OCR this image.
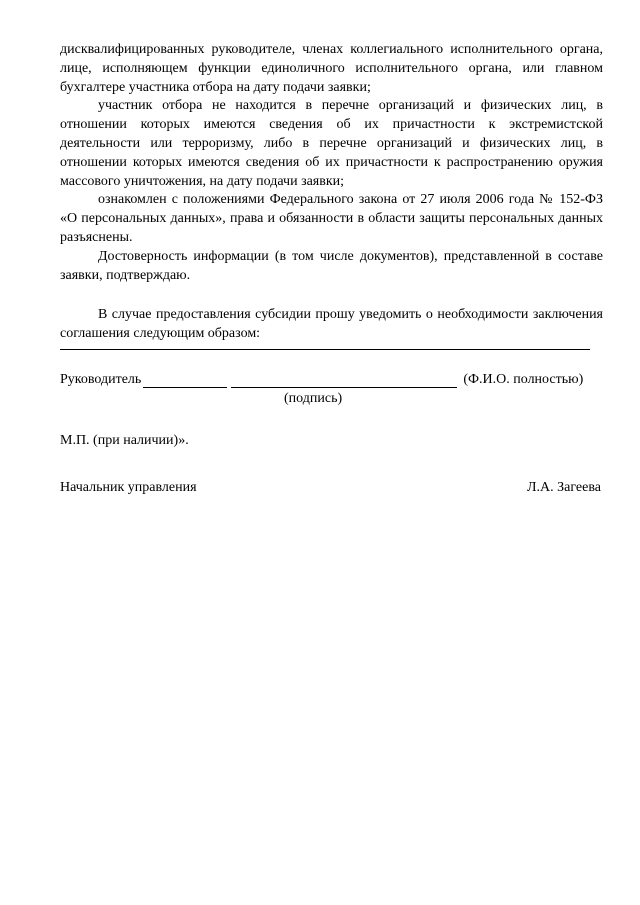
дисквалифицированных руководителе, членах коллегиального исполнительного органа, лице, исполняющем функции единоличного исполнительного органа, или главном бухгалтере участника отбора на дату подачи заявки;

участник отбора не находится в перечне организаций и физических лиц, в отношении которых имеются сведения об их причастности к экстремистской деятельности или терроризму, либо в перечне организаций и физических лиц, в отношении которых имеются сведения об их причастности к распространению оружия массового уничтожения, на дату подачи заявки;

ознакомлен с положениями Федерального закона от 27 июля 2006 года № 152-ФЗ «О персональных данных», права и обязанности в области защиты персональных данных разъяснены.

Достоверность информации (в том числе документов), представленной в составе заявки, подтверждаю.

В случае предоставления субсидии прошу уведомить о необходимости заключения соглашения следующим образом:

Руководитель	(Ф.И.О. полностью)
(подпись)
М.П. (при наличии)».
Начальник управления	Л.А. Загеева
